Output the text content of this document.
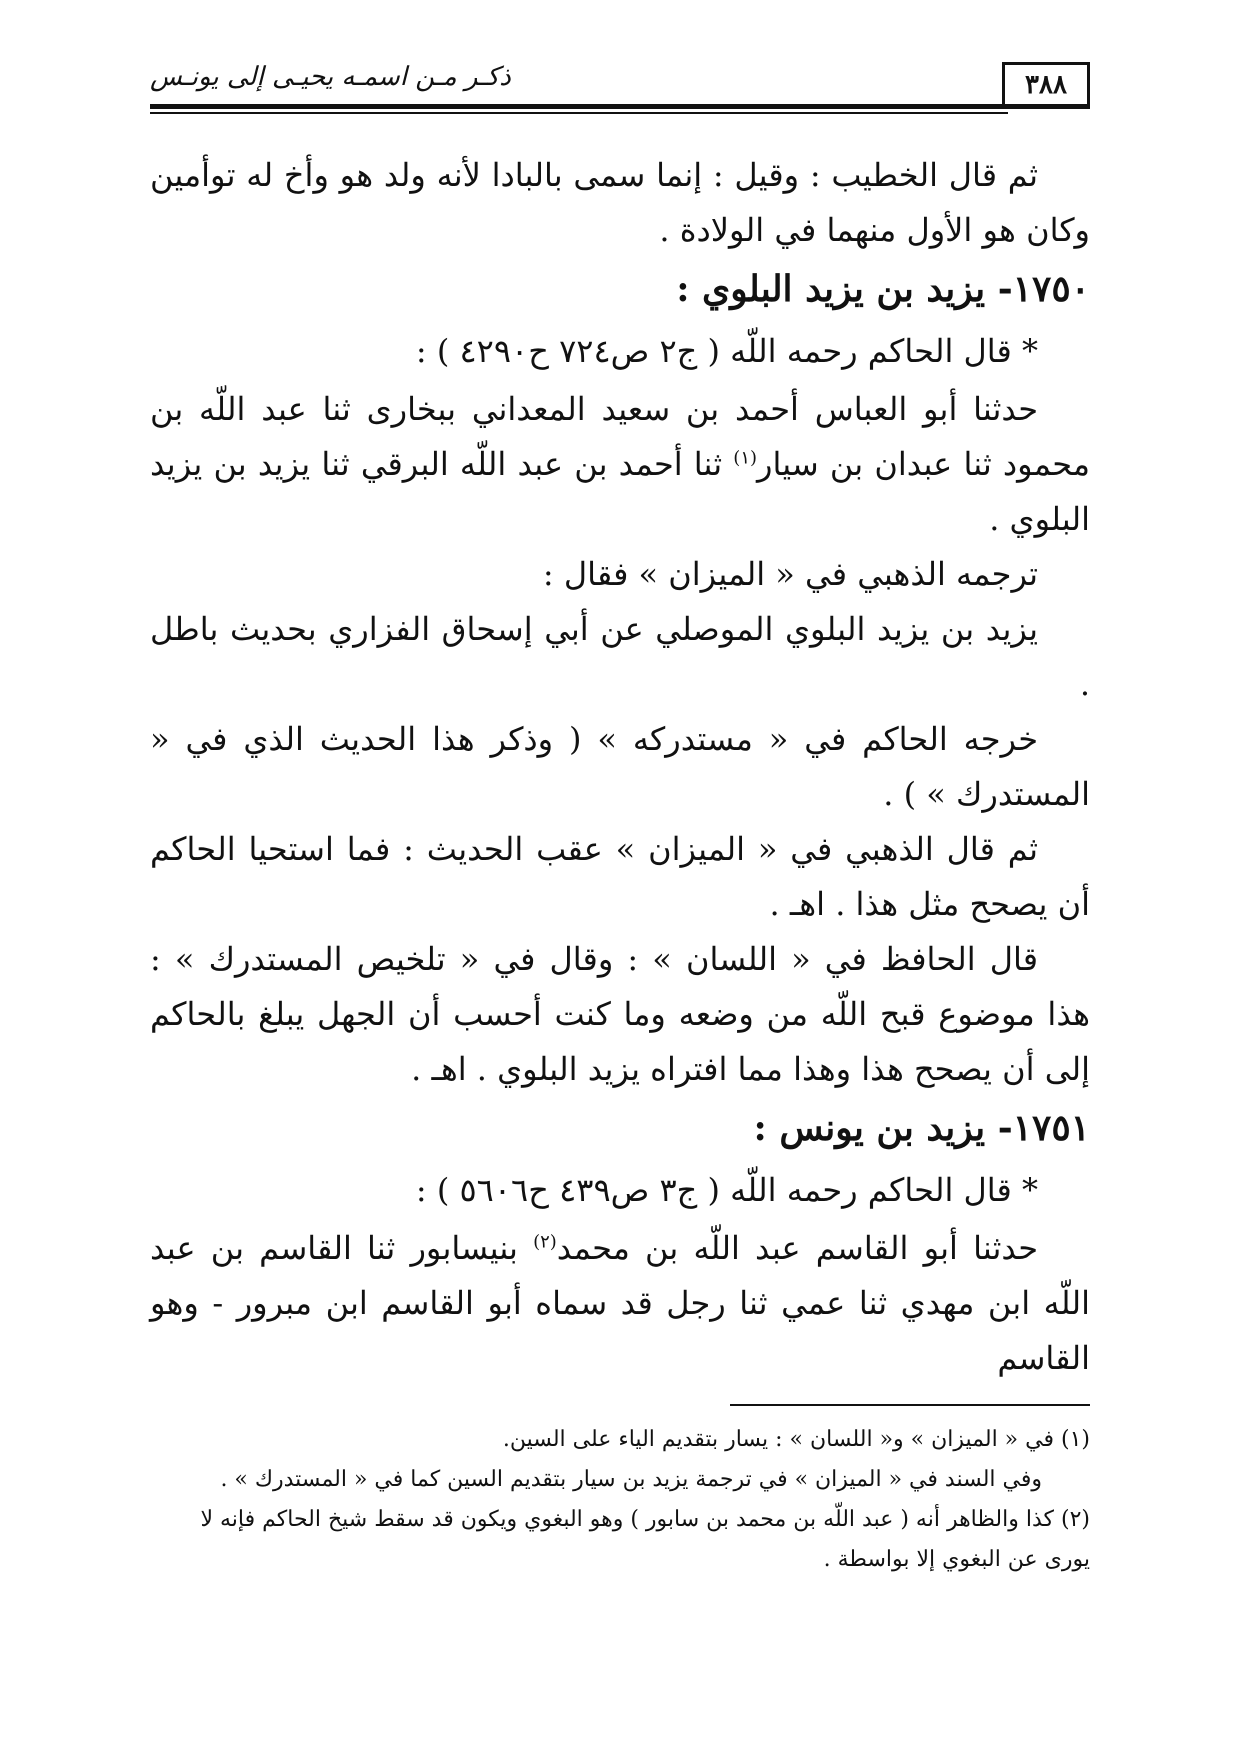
٣٨٨
ذكـر مـن اسمـه يحيـى إلى يونـس

ثم قال الخطيب : وقيل : إنما سمى بالبادا لأنه ولد هو وأخ له توأمين وكان هو الأول منهما في الولادة .

١٧٥٠- يزيد بن يزيد البلوي :

* قال الحاكم رحمه اللّه ( ج٢ ص٧٢٤ ح٤٢٩٠ ) :

حدثنا أبو العباس أحمد بن سعيد المعداني ببخارى ثنا عبد اللّه بن محمود ثنا عبدان بن سيار$^{(١)}$ ثنا أحمد بن عبد اللّه البرقي ثنا يزيد بن يزيد البلوي .

ترجمه الذهبي في « الميزان » فقال :

يزيد بن يزيد البلوي الموصلي عن أبي إسحاق الفزاري بحديث باطل .

خرجه الحاكم في « مستدركه » ( وذكر هذا الحديث الذي في « المستدرك » ) .

ثم قال الذهبي في « الميزان » عقب الحديث : فما استحيا الحاكم أن يصحح مثل هذا . اهـ .

قال الحافظ في « اللسان » : وقال في « تلخيص المستدرك » : هذا موضوع قبح اللّه من وضعه وما كنت أحسب أن الجهل يبلغ بالحاكم إلى أن يصحح هذا وهذا مما افتراه يزيد البلوي . اهـ .

١٧٥١- يزيد بن يونس :

* قال الحاكم رحمه اللّه ( ج٣ ص٤٣٩ ح٥٦٠٦ ) :

حدثنا أبو القاسم عبد اللّه بن محمد$^{(٢)}$ بنيسابور ثنا القاسم بن عبد اللّه ابن مهدي ثنا عمي ثنا رجل قد سماه أبو القاسم ابن مبرور - وهو القاسم

(١) في « الميزان » و« اللسان » : يسار بتقديم الياء على السين.

وفي السند في « الميزان » في ترجمة يزيد بن سيار بتقديم السين كما في « المستدرك » .

(٢) كذا والظاهر أنه ( عبد اللّه بن محمد بن سابور ) وهو البغوي ويكون قد سقط شيخ الحاكم فإنه لا يورى عن البغوي إلا بواسطة .
